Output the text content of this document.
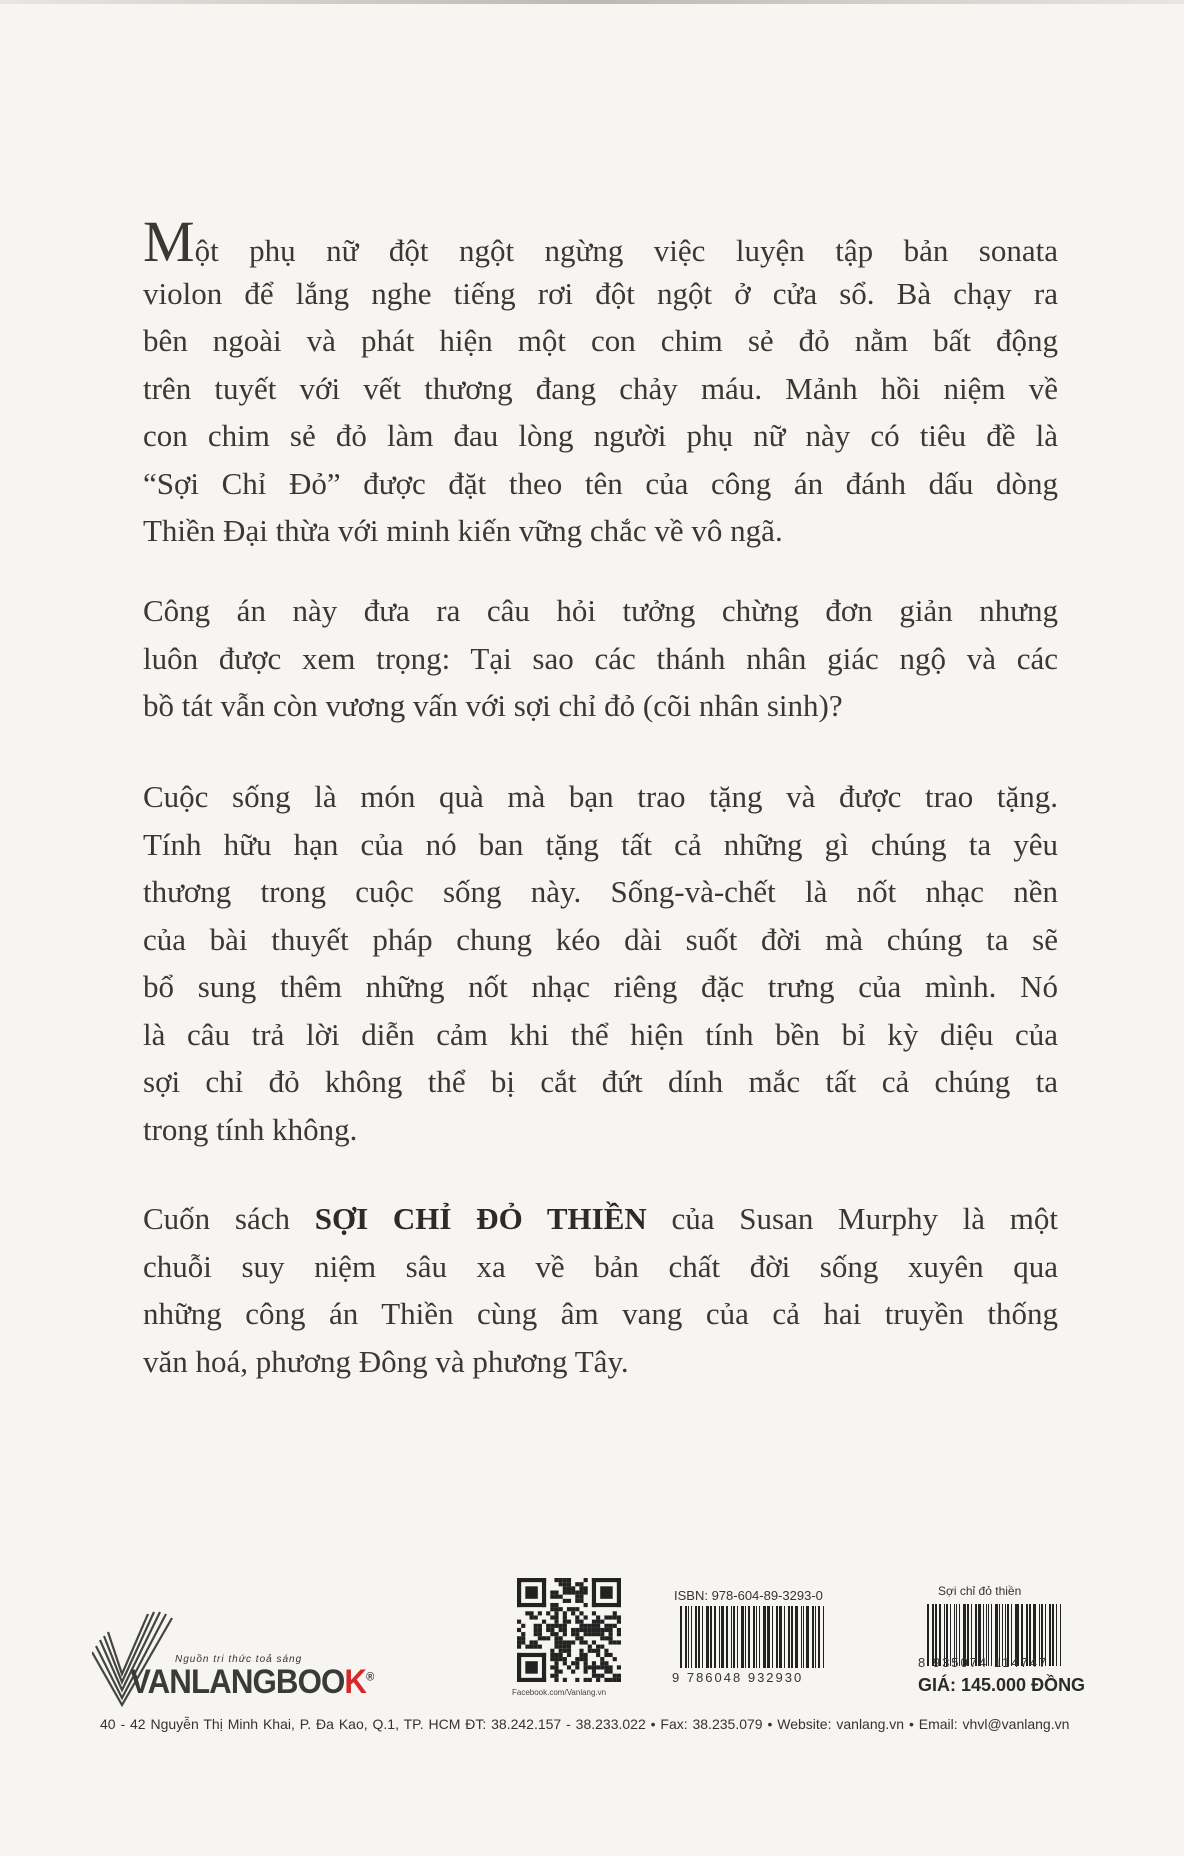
Một phụ nữ đột ngột ngừng việc luyện tập bản sonata
violon để lắng nghe tiếng rơi đột ngột ở cửa sổ. Bà chạy ra
bên ngoài và phát hiện một con chim sẻ đỏ nằm bất động
trên tuyết với vết thương đang chảy máu. Mảnh hồi niệm về
con chim sẻ đỏ làm đau lòng người phụ nữ này có tiêu đề là
“Sợi Chỉ Đỏ” được đặt theo tên của công án đánh dấu dòng
Thiền Đại thừa với minh kiến vững chắc về vô ngã.
Công án này đưa ra câu hỏi tưởng chừng đơn giản nhưng
luôn được xem trọng: Tại sao các thánh nhân giác ngộ và các
bồ tát vẫn còn vương vấn với sợi chỉ đỏ (cõi nhân sinh)?
Cuộc sống là món quà mà bạn trao tặng và được trao tặng.
Tính hữu hạn của nó ban tặng tất cả những gì chúng ta yêu
thương trong cuộc sống này. Sống-và-chết là nốt nhạc nền
của bài thuyết pháp chung kéo dài suốt đời mà chúng ta sẽ
bổ sung thêm những nốt nhạc riêng đặc trưng của mình. Nó
là câu trả lời diễn cảm khi thể hiện tính bền bỉ kỳ diệu của
sợi chỉ đỏ không thể bị cắt đứt dính mắc tất cả chúng ta
trong tính không.
Cuốn sách SỢI CHỈ ĐỎ THIỀN của Susan Murphy là một
chuỗi suy niệm sâu xa về bản chất đời sống xuyên qua
những công án Thiền cùng âm vang của cả hai truyền thống
văn hoá, phương Đông và phương Tây.
Nguồn tri thức toả sáng
VANLANGBOOK®
Facebook.com/Vanlang.vn
ISBN: 978-604-89-3293-0
9 786048 932930
Sợi chỉ đỏ thiền
8 935074 114747
GIÁ: 145.000 ĐỒNG
40 - 42 Nguyễn Thị Minh Khai, P. Đa Kao, Q.1, TP. HCM ĐT: 38.242.157 - 38.233.022 • Fax: 38.235.079 • Website: vanlang.vn • Email: vhvl@vanlang.vn
